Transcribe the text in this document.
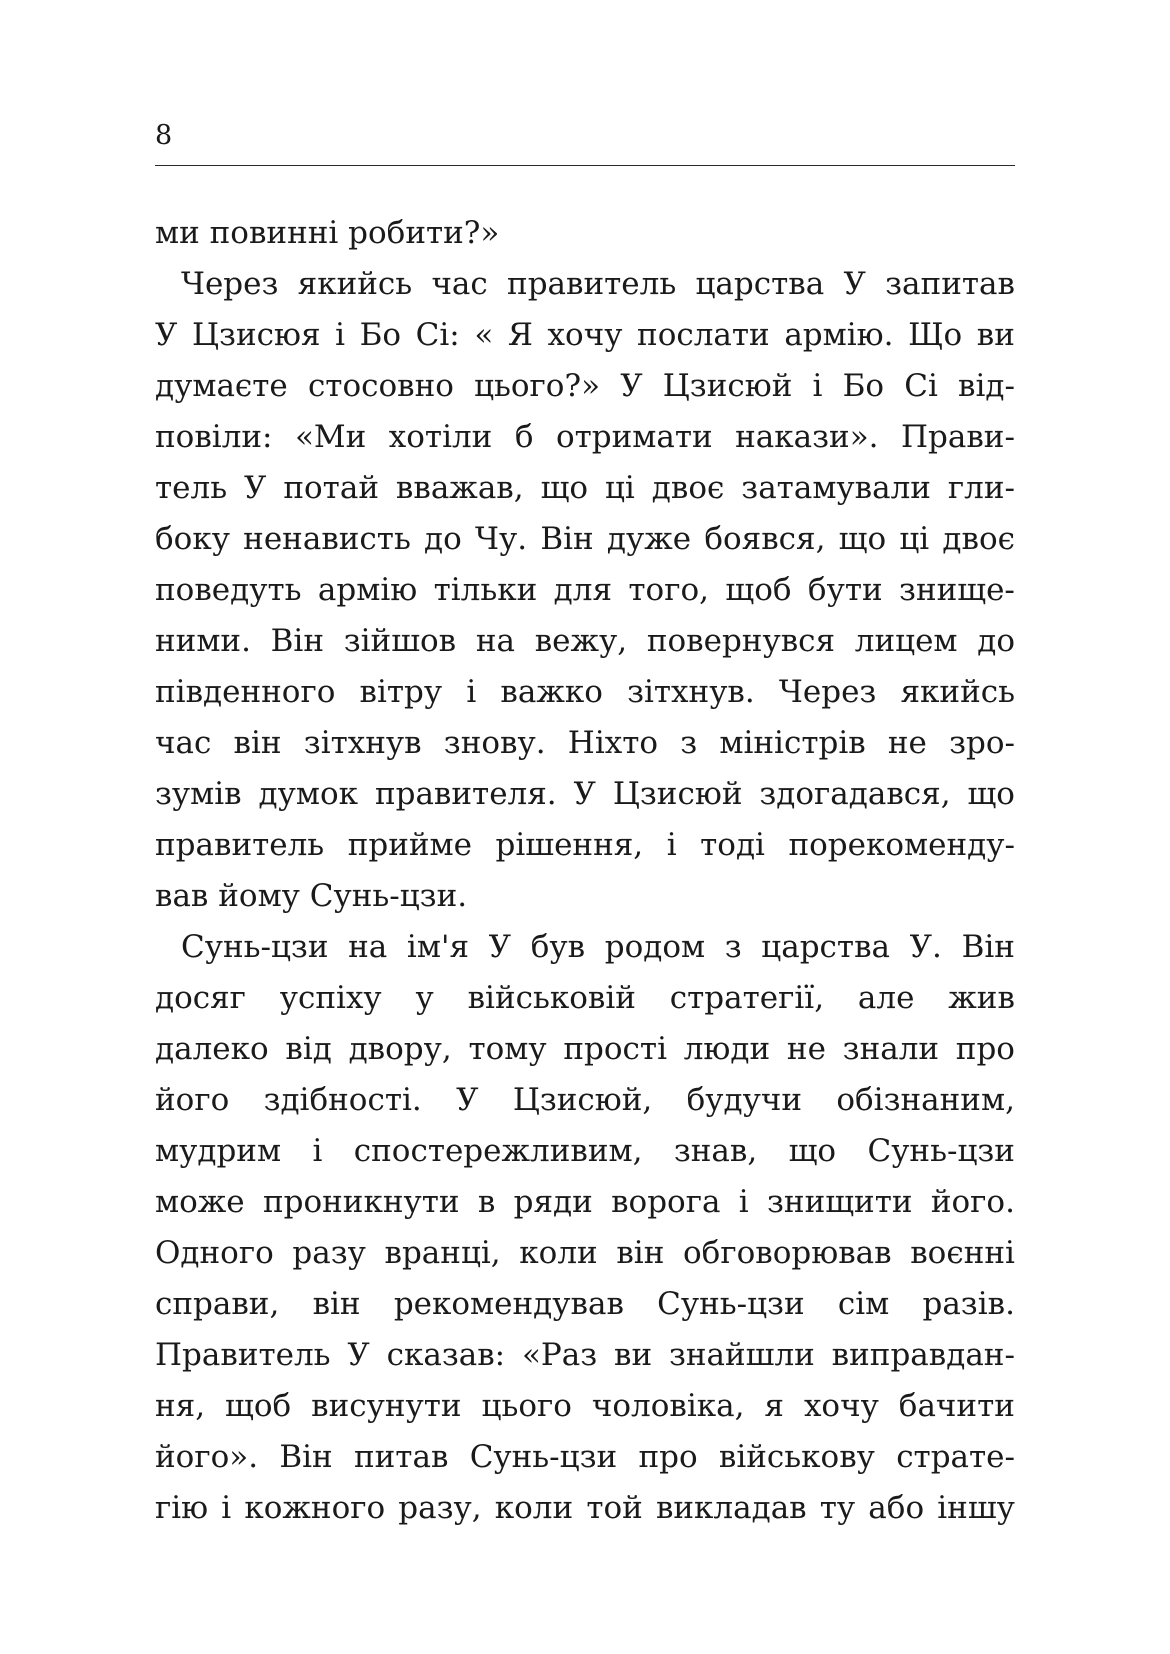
8
ми повинні робити?»
Через якийсь час правитель царства У запитав
У Цзисюя і Бо Сі: « Я хочу послати армію. Що ви
думаєте стосовно цього?» У Цзисюй і Бо Сі від-
повіли: «Ми хотіли б отримати накази». Прави-
тель У потай вважав, що ці двоє затамували гли-
боку ненависть до Чу. Він дуже боявся, що ці двоє
поведуть армію тільки для того, щоб бути знище-
ними. Він зійшов на вежу, повернувся лицем до
південного вітру і важко зітхнув. Через якийсь
час він зітхнув знову. Ніхто з міністрів не зро-
зумів думок правителя. У Цзисюй здогадався, що
правитель прийме рішення, і тоді порекоменду-
вав йому Сунь-цзи.
Сунь-цзи на ім'я У був родом з царства У. Він
досяг успіху у військовій стратегії, але жив
далеко від двору, тому прості люди не знали про
його здібності. У Цзисюй, будучи обізнаним,
мудрим і спостережливим, знав, що Сунь-цзи
може проникнути в ряди ворога і знищити його.
Одного разу вранці, коли він обговорював воєнні
справи, він рекомендував Сунь-цзи сім разів.
Правитель У сказав: «Раз ви знайшли виправдан-
ня, щоб висунути цього чоловіка, я хочу бачити
його». Він питав Сунь-цзи про військову страте-
гію і кожного разу, коли той викладав ту або іншу
